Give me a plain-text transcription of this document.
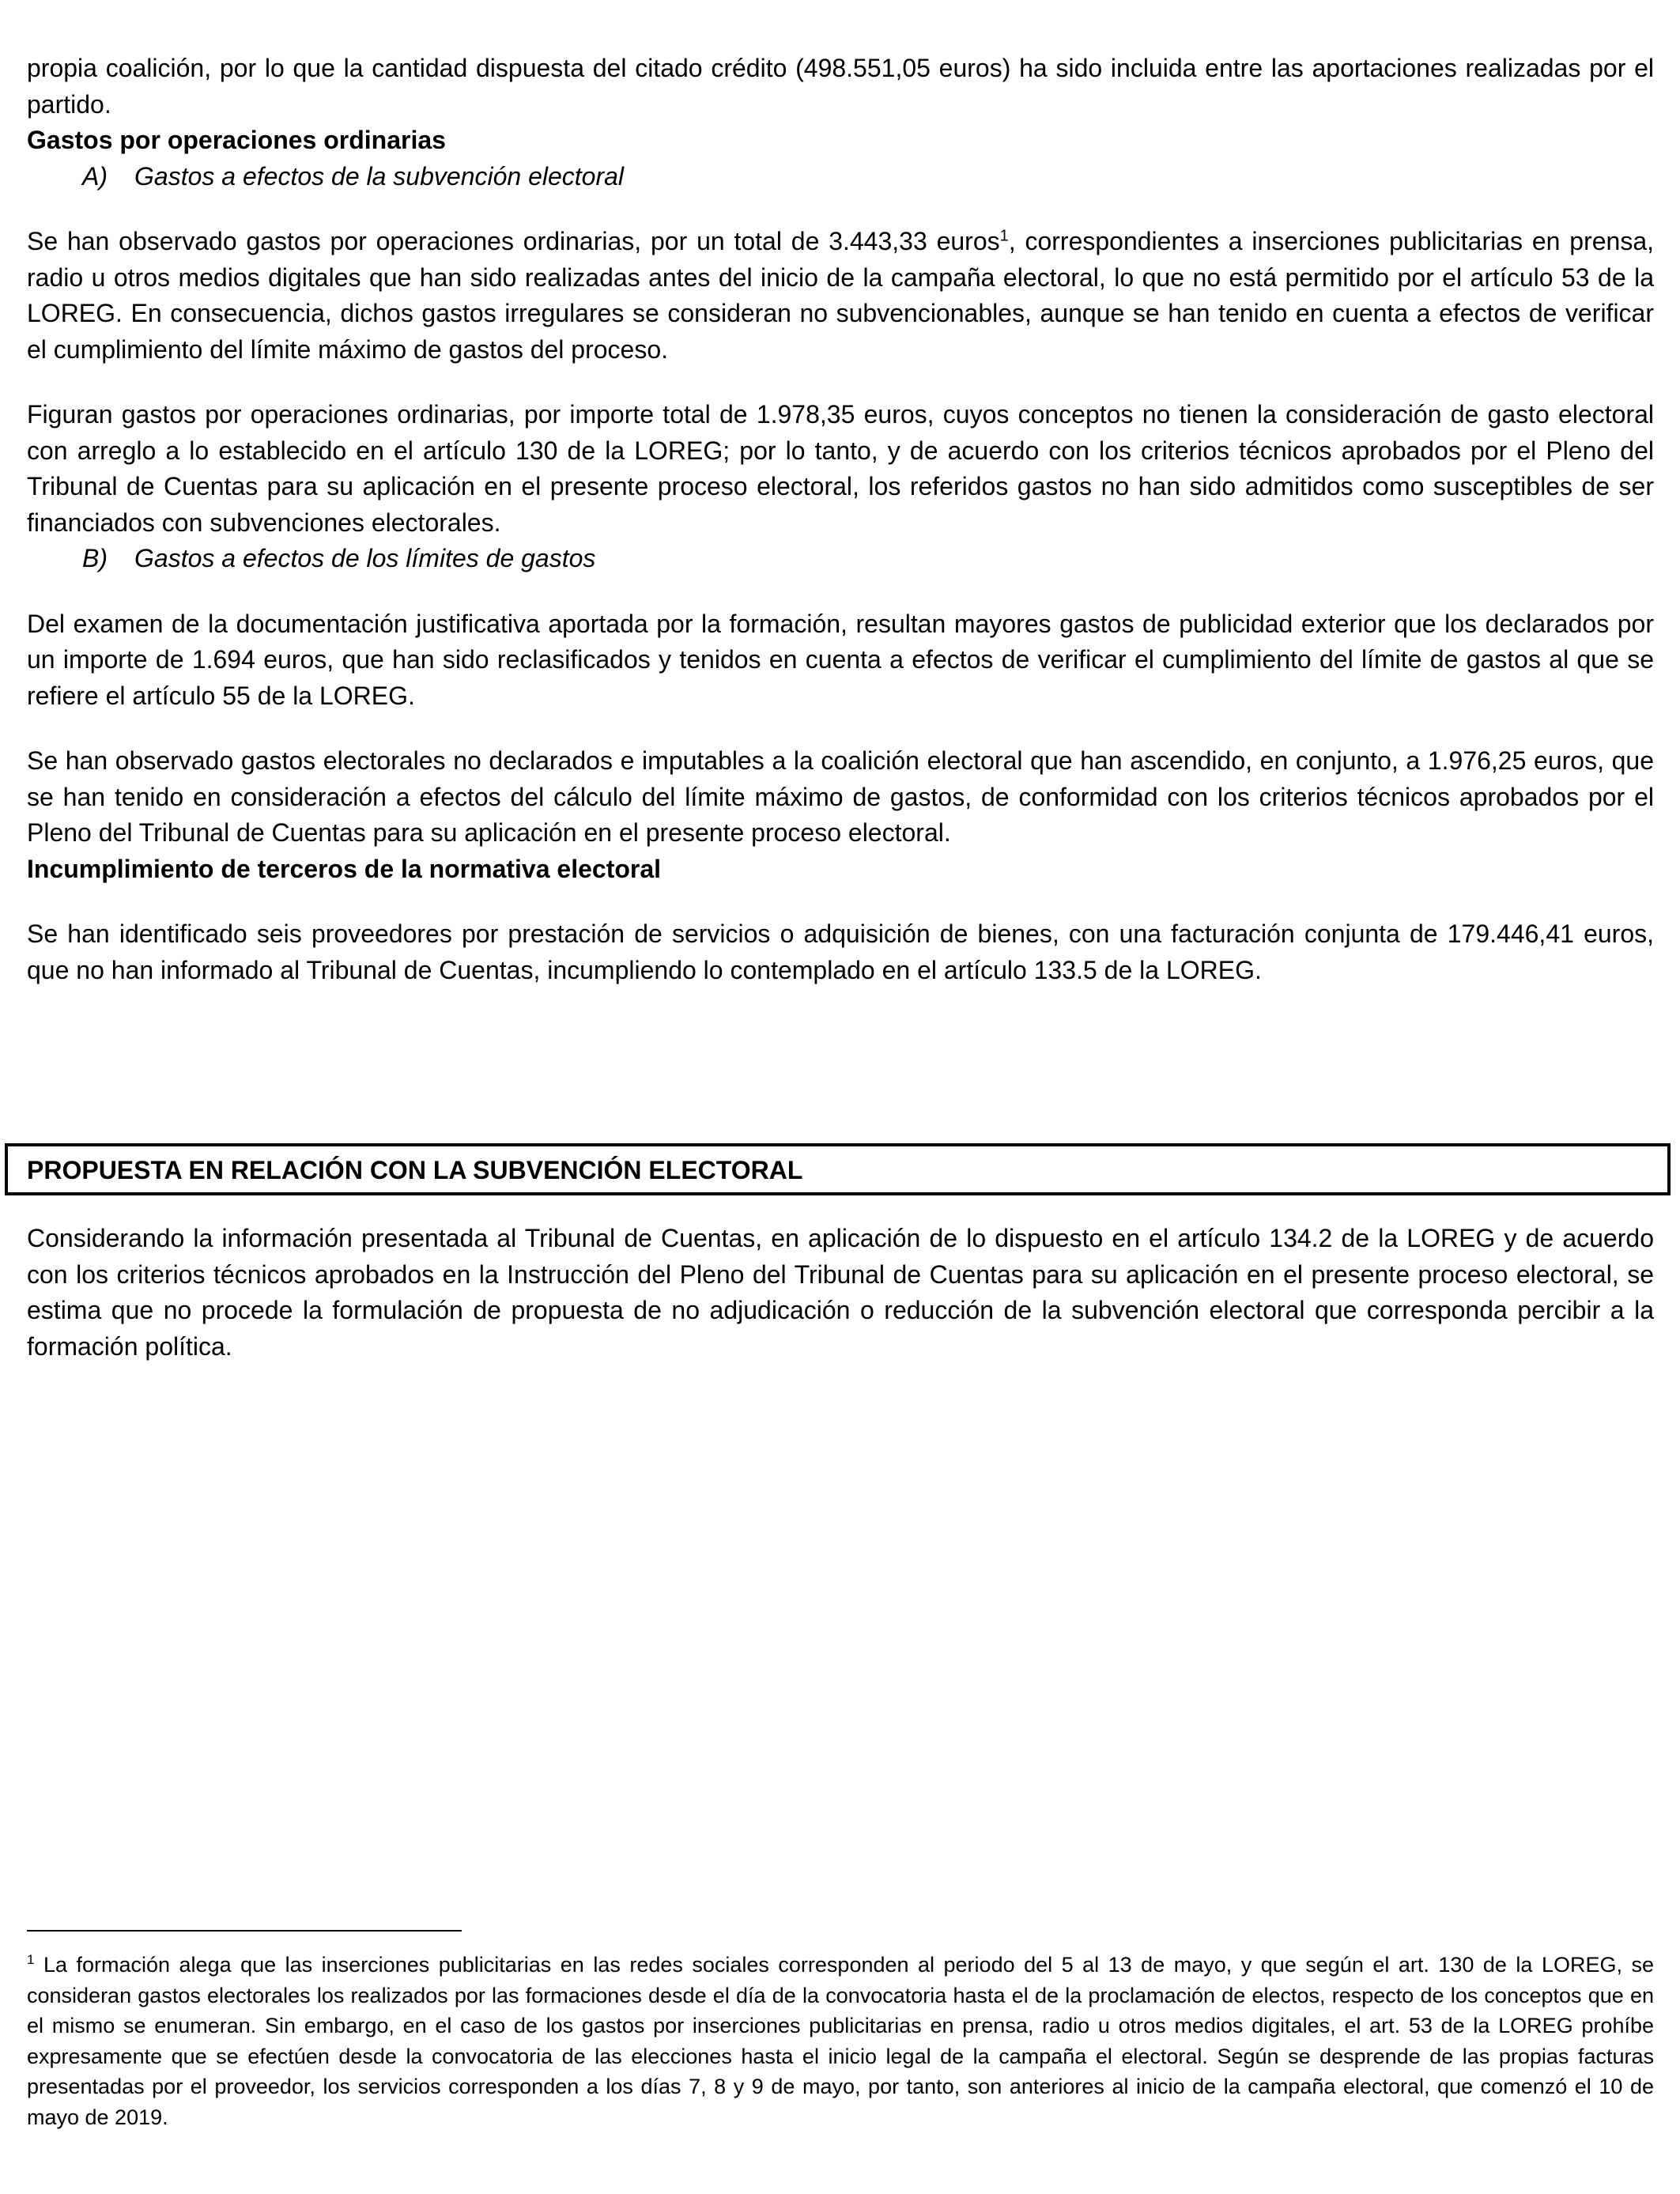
propia coalición, por lo que la cantidad dispuesta del citado crédito (498.551,05 euros) ha sido incluida entre las aportaciones realizadas por el partido.

Gastos por operaciones ordinarias

A) Gastos a efectos de la subvención electoral

Se han observado gastos por operaciones ordinarias, por un total de 3.443,33 euros$^1$, correspondientes a inserciones publicitarias en prensa, radio u otros medios digitales que han sido realizadas antes del inicio de la campaña electoral, lo que no está permitido por el artículo 53 de la LOREG. En consecuencia, dichos gastos irregulares se consideran no subvencionables, aunque se han tenido en cuenta a efectos de verificar el cumplimiento del límite máximo de gastos del proceso.

Figuran gastos por operaciones ordinarias, por importe total de 1.978,35 euros, cuyos conceptos no tienen la consideración de gasto electoral con arreglo a lo establecido en el artículo 130 de la LOREG; por lo tanto, y de acuerdo con los criterios técnicos aprobados por el Pleno del Tribunal de Cuentas para su aplicación en el presente proceso electoral, los referidos gastos no han sido admitidos como susceptibles de ser financiados con subvenciones electorales.

B) Gastos a efectos de los límites de gastos

Del examen de la documentación justificativa aportada por la formación, resultan mayores gastos de publicidad exterior que los declarados por un importe de 1.694 euros, que han sido reclasificados y tenidos en cuenta a efectos de verificar el cumplimiento del límite de gastos al que se refiere el artículo 55 de la LOREG.

Se han observado gastos electorales no declarados e imputables a la coalición electoral que han ascendido, en conjunto, a 1.976,25 euros, que se han tenido en consideración a efectos del cálculo del límite máximo de gastos, de conformidad con los criterios técnicos aprobados por el Pleno del Tribunal de Cuentas para su aplicación en el presente proceso electoral.

Incumplimiento de terceros de la normativa electoral

Se han identificado seis proveedores por prestación de servicios o adquisición de bienes, con una facturación conjunta de 179.446,41 euros, que no han informado al Tribunal de Cuentas, incumpliendo lo contemplado en el artículo 133.5 de la LOREG.

PROPUESTA EN RELACIÓN CON LA SUBVENCIÓN ELECTORAL

Considerando la información presentada al Tribunal de Cuentas, en aplicación de lo dispuesto en el artículo 134.2 de la LOREG y de acuerdo con los criterios técnicos aprobados en la Instrucción del Pleno del Tribunal de Cuentas para su aplicación en el presente proceso electoral, se estima que no procede la formulación de propuesta de no adjudicación o reducción de la subvención electoral que corresponda percibir a la formación política.

$^1$ La formación alega que las inserciones publicitarias en las redes sociales corresponden al periodo del 5 al 13 de mayo, y que según el art. 130 de la LOREG, se consideran gastos electorales los realizados por las formaciones desde el día de la convocatoria hasta el de la proclamación de electos, respecto de los conceptos que en el mismo se enumeran. Sin embargo, en el caso de los gastos por inserciones publicitarias en prensa, radio u otros medios digitales, el art. 53 de la LOREG prohíbe expresamente que se efectúen desde la convocatoria de las elecciones hasta el inicio legal de la campaña el electoral. Según se desprende de las propias facturas presentadas por el proveedor, los servicios corresponden a los días 7, 8 y 9 de mayo, por tanto, son anteriores al inicio de la campaña electoral, que comenzó el 10 de mayo de 2019.
